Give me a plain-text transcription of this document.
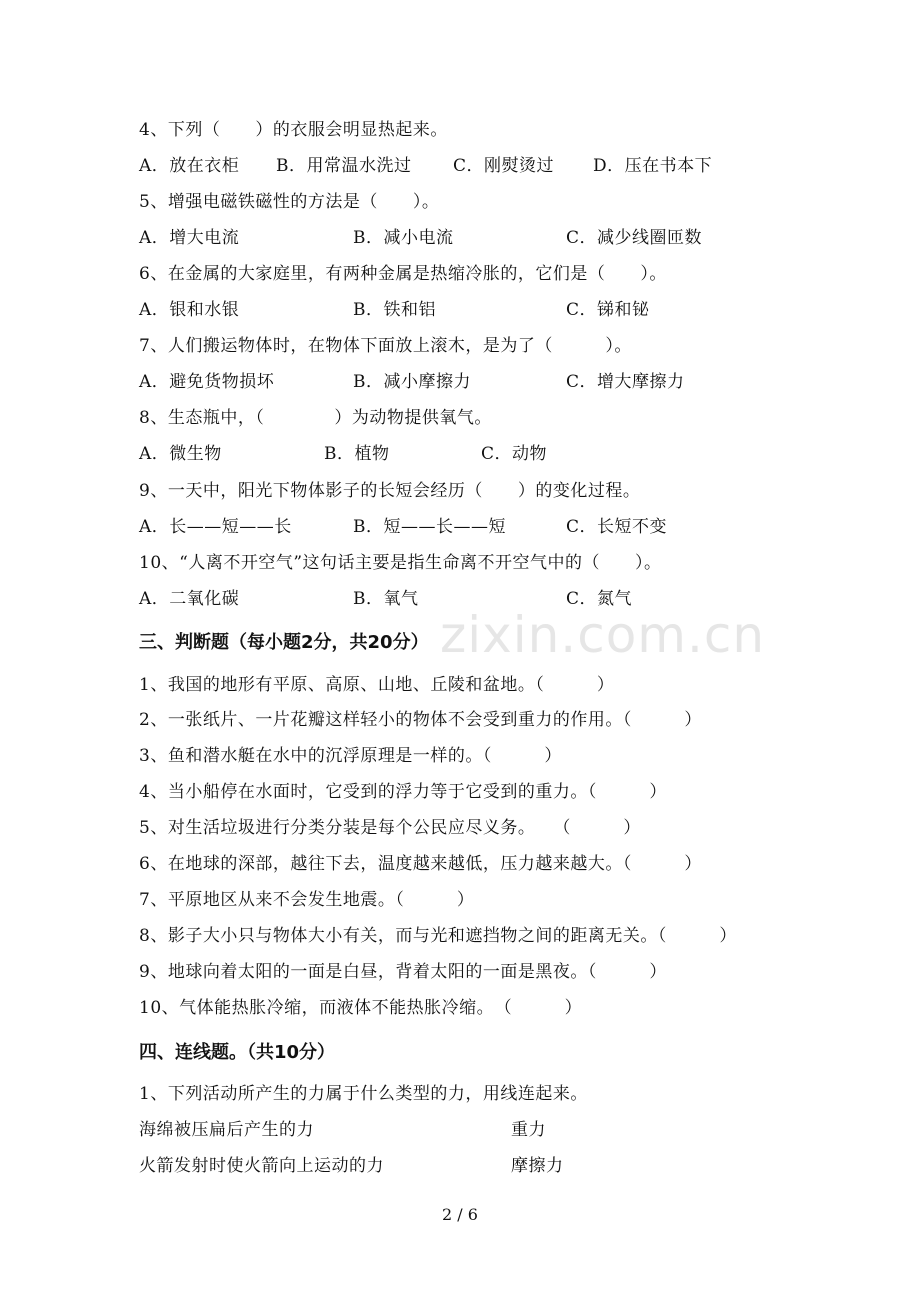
4、下列（　　）的衣服会明显热起来。

A．放在衣柜

B．用常温水洗过

C．刚熨烫过

D．压在书本下

5、增强电磁铁磁性的方法是（　　）。

A．增大电流

	B．减小电流

	C．减少线圈匝数

6、在金属的大家庭里，有两种金属是热缩冷胀的，它们是（　　）。

A．银和水银

	B．铁和铝

	C．锑和铋

7、人们搬运物体时，在物体下面放上滚木，是为了（　　　）。

A．避免货物损坏

	B．减小摩擦力

	C．增大摩擦力

8、生态瓶中，（　　　　）为动物提供氧气。

A．微生物

	B．植物

	C．动物

9、一天中，阳光下物体影子的长短会经历（　　）的变化过程。

A．长——短——长

	B．短——长——短

	C．长短不变

10、“人离不开空气”这句话主要是指生命离不开空气中的（　　）。

A．二氧化碳

	B．氧气

	C．氮气

zixin.com.cn
三、判断题（每小题2分，共20分）
1、我国的地形有平原、高原、山地、丘陵和盆地。（　　　）
2、一张纸片、一片花瓣这样轻小的物体不会受到重力的作用。（　　　）
3、鱼和潜水艇在水中的沉浮原理是一样的。（　　　）
4、当小船停在水面时，它受到的浮力等于它受到的重力。（　　　）
5、对生活垃圾进行分类分装是每个公民应尽义务。　　（　　　）
6、在地球的深部，越往下去，温度越来越低，压力越来越大。（　　　）
7、平原地区从来不会发生地震。（　　　）
8、影子大小只与物体大小有关，而与光和遮挡物之间的距离无关。（　　　）
9、地球向着太阳的一面是白昼，背着太阳的一面是黑夜。（　　　）
10、气体能热胀冷缩，而液体不能热胀冷缩。　（　　　）
四、连线题。（共10分）
1、下列活动所产生的力属于什么类型的力，用线连起来。

海绵被压扁后产生的力

	重力

火箭发射时使火箭向上运动的力

	摩擦力

2 / 6
